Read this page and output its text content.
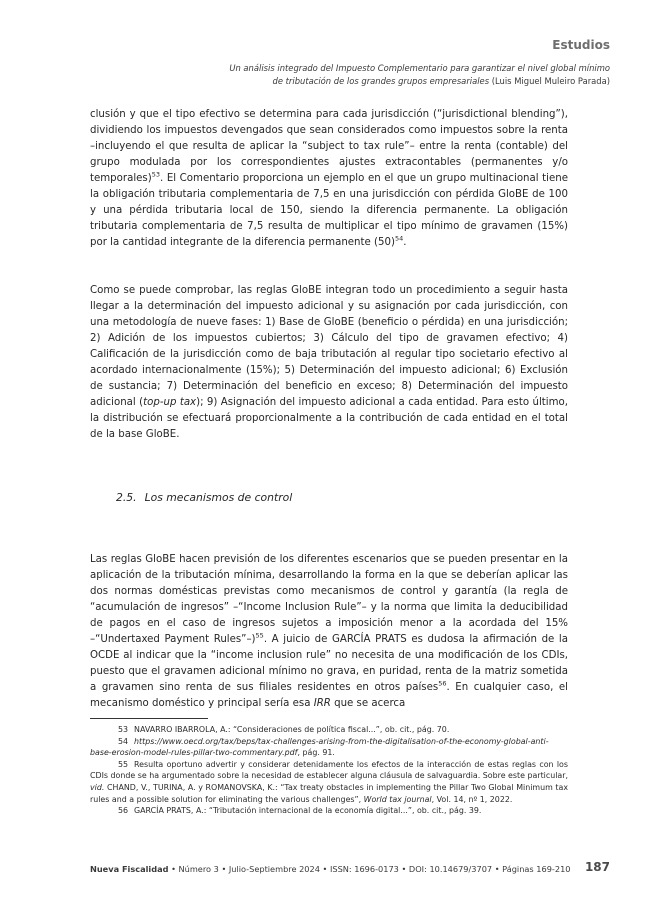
Estudios
Un análisis integrado del Impuesto Complementario para garantizar el nivel global mínimo
de tributación de los grandes grupos empresariales (Luis Miguel Muleiro Parada)

clusión y que el tipo efectivo se determina para cada jurisdicción (“jurisdictional blending”), dividiendo los impuestos devengados que sean considerados como impuestos sobre la renta –incluyendo el que resulta de aplicar la “subject to tax rule”– entre la renta (contable) del grupo modulada por los correspondientes ajustes extracontables (permanentes y/o temporales)$^{53}$. El Comentario proporciona un ejemplo en el que un grupo multinacional tiene la obligación tributaria complementaria de 7,5 en una jurisdicción con pérdida GloBE de 100 y una pérdida tributaria local de 150, siendo la diferencia permanente. La obligación tributaria complementaria de 7,5 resulta de multiplicar el tipo mínimo de gravamen (15%) por la cantidad integrante de la diferencia permanente $(50)^{54}$.

Como se puede comprobar, las reglas GloBE integran todo un procedimiento a seguir hasta llegar a la determinación del impuesto adicional y su asignación por cada jurisdicción, con una metodología de nueve fases: 1) Base de GloBE (beneficio o pérdida) en una jurisdicción; 2) Adición de los impuestos cubiertos; 3) Cálculo del tipo de gravamen efectivo; 4) Calificación de la jurisdicción como de baja tributación al regular tipo societario efectivo al acordado internacionalmente (15%); 5) Determinación del impuesto adicional; 6) Exclusión de sustancia; 7) Determinación del beneficio en exceso; 8) Determinación del impuesto adicional (top-up tax); 9) Asignación del impuesto adicional a cada entidad. Para esto último, la distribución se efectuará proporcionalmente a la contribución de cada entidad en el total de la base GloBE.

2.5. Los mecanismos de control

Las reglas GloBE hacen previsión de los diferentes escenarios que se pueden presentar en la aplicación de la tributación mínima, desarrollando la forma en la que se deberían aplicar las dos normas domésticas previstas como mecanismos de control y garantía (la regla de “acumulación de ingresos” –“Income Inclusion Rule”– y la norma que limita la deducibilidad de pagos en el caso de ingresos sujetos a imposición menor a la acordada del 15% –“Undertaxed Payment Rules”–)$^{55}$. A juicio de GARCÍA PRATS es dudosa la afirmación de la OCDE al indicar que la “income inclusion rule” no necesita de una modificación de los CDIs, puesto que el gravamen adicional mínimo no grava, en puridad, renta de la matriz sometida a gravamen sino renta de sus filiales residentes en otros países$^{56}$. En cualquier caso, el mecanismo doméstico y principal sería esa IRR que se acerca

53 NAVARRO IBARROLA, A.: “Consideraciones de política fiscal...”, ob. cit., pág. 70.

54 https://www.oecd.org/tax/beps/tax-challenges-arising-from-the-digitalisation-of-the-economy-global-anti-base-erosion-model-rules-pillar-two-commentary.pdf, pág. 91.

55 Resulta oportuno advertir y considerar detenidamente los efectos de la interacción de estas reglas con los CDIs donde se ha argumentado sobre la necesidad de establecer alguna cláusula de salvaguardia. Sobre este particular, vid. CHAND, V., TURINA, A. y ROMANOVSKA, K.: “Tax treaty obstacles in implementing the Pillar Two Global Minimum tax rules and a possible solution for eliminating the various challenges”, World tax journal, Vol. 14, nº 1, 2022.

56 GARCÍA PRATS, A.: “Tributación internacional de la economía digital...”, ob. cit., pág. 39.

Nueva Fiscalidad • Número 3 • Julio-Septiembre 2024 • ISSN: 1696-0173 • DOI: 10.14679/3707 • Páginas 169-210	187
